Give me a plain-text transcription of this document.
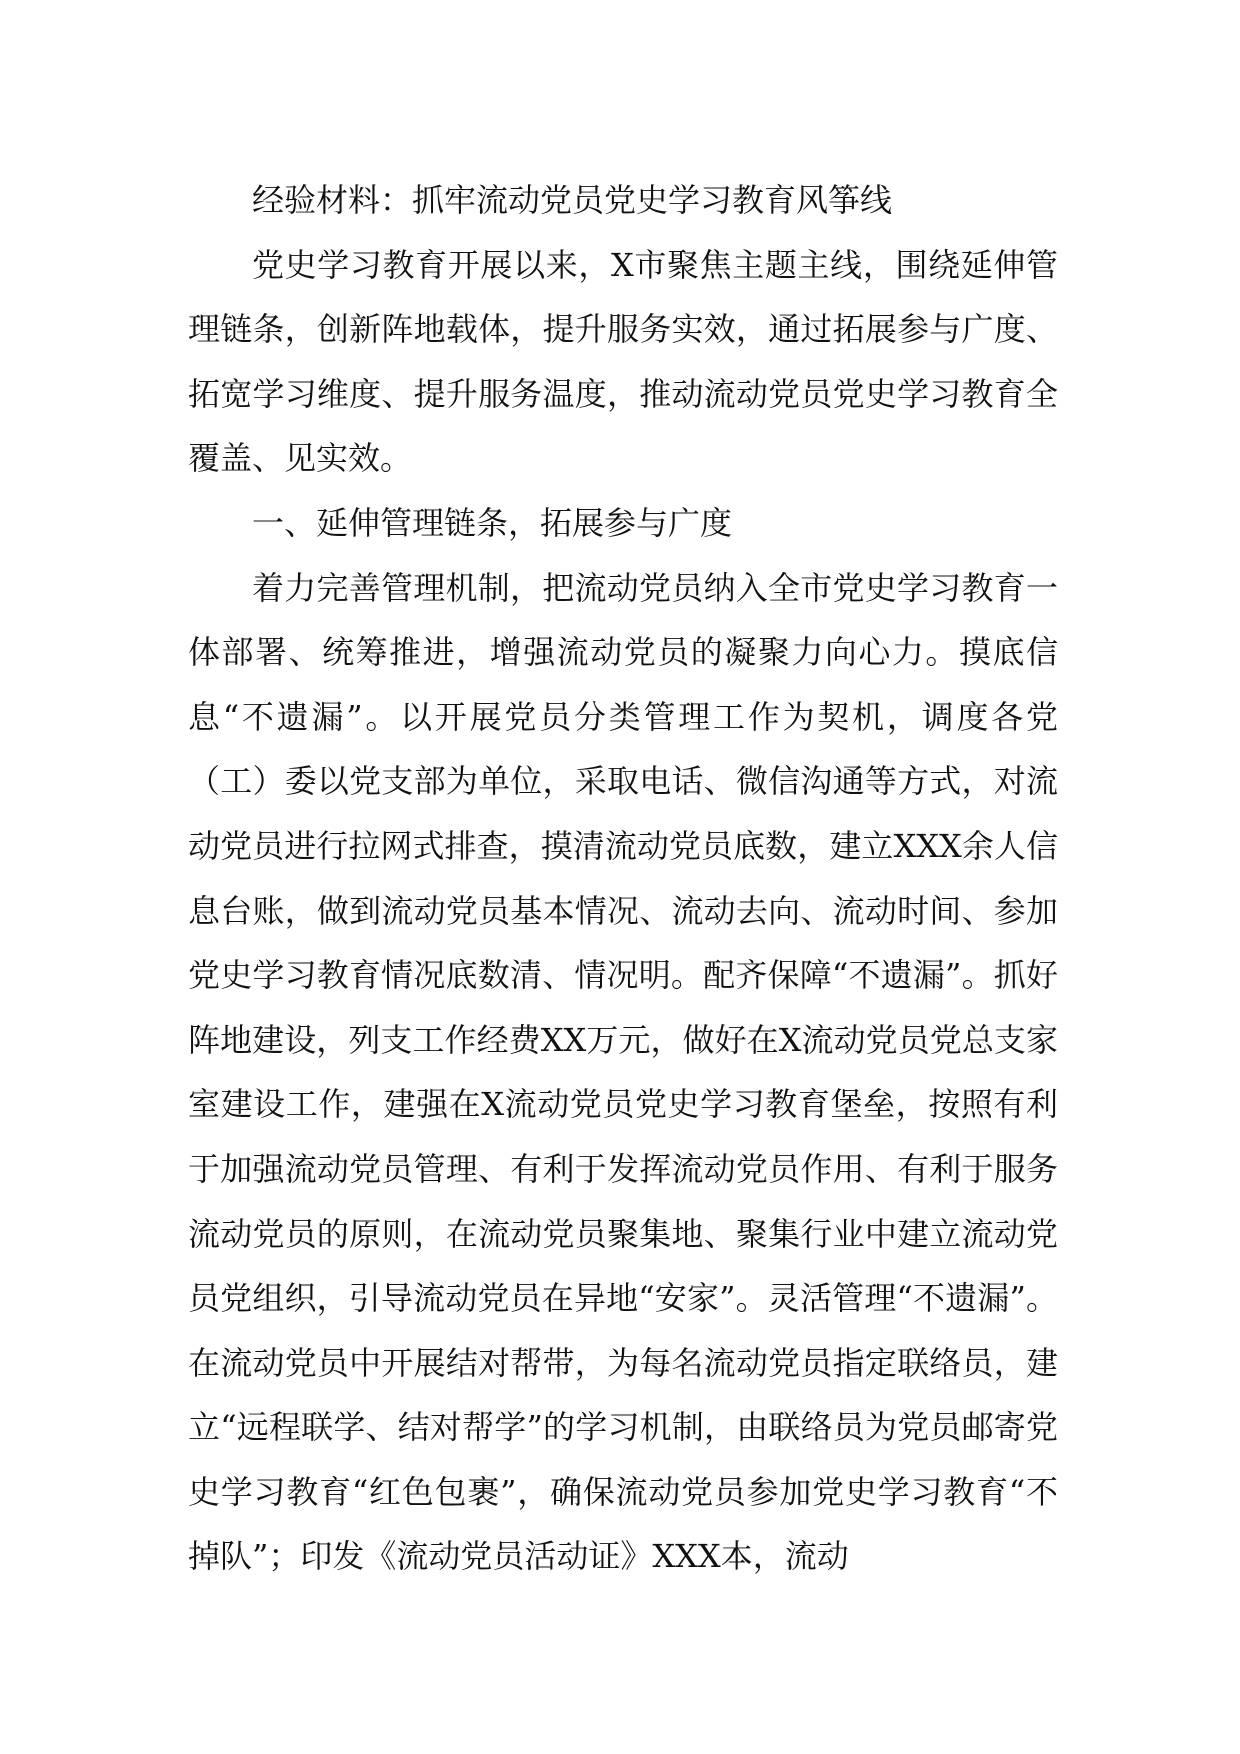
经验材料：抓牢流动党员党史学习教育风筝线

党史学习教育开展以来，X市聚焦主题主线，围绕延伸管理链条，创新阵地载体，提升服务实效，通过拓展参与广度、拓宽学习维度、提升服务温度，推动流动党员党史学习教育全覆盖、见实效。

一、延伸管理链条，拓展参与广度

着力完善管理机制，把流动党员纳入全市党史学习教育一体部署、统筹推进，增强流动党员的凝聚力向心力。摸底信息“不遗漏”。以开展党员分类管理工作为契机，调度各党（工）委以党支部为单位，采取电话、微信沟通等方式，对流动党员进行拉网式排查，摸清流动党员底数，建立XXX余人信息台账，做到流动党员基本情况、流动去向、流动时间、参加党史学习教育情况底数清、情况明。配齐保障“不遗漏”。抓好阵地建设，列支工作经费XX万元，做好在X流动党员党总支家室建设工作，建强在X流动党员党史学习教育堡垒，按照有利于加强流动党员管理、有利于发挥流动党员作用、有利于服务流动党员的原则，在流动党员聚集地、聚集行业中建立流动党员党组织，引导流动党员在异地“安家”。灵活管理“不遗漏”。在流动党员中开展结对帮带，为每名流动党员指定联络员，建立“远程联学、结对帮学”的学习机制，由联络员为党员邮寄党史学习教育“红色包裹”，确保流动党员参加党史学习教育“不掉队”；印发《流动党员活动证》XXX本，流动
